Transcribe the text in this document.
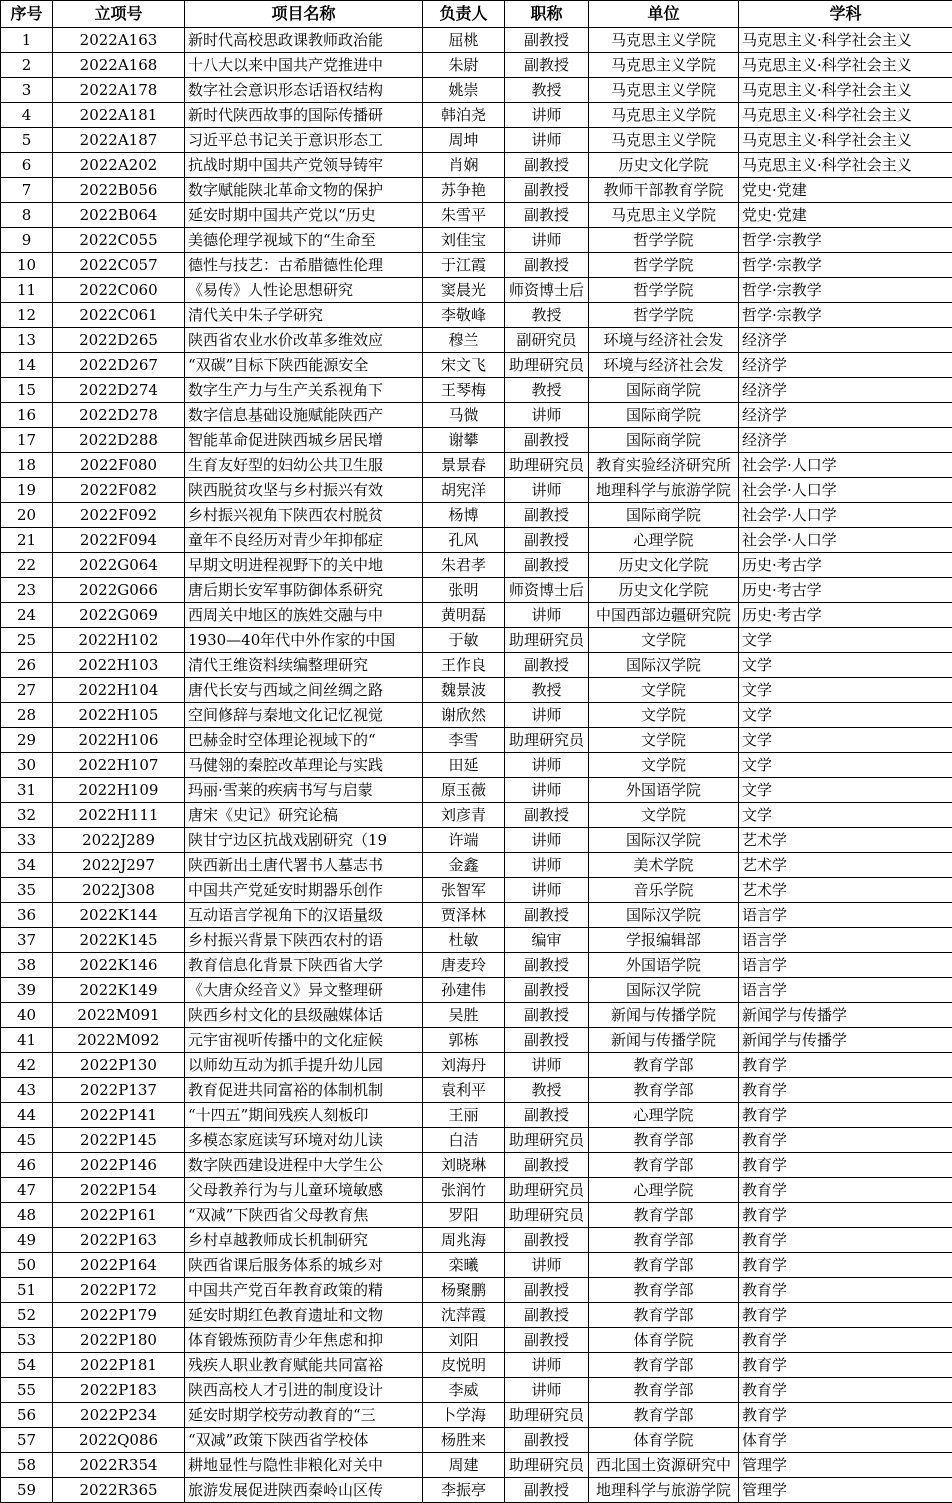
序号	立项号	项目名称	负责人	职称	单位	学科
1	2022A163	新时代高校思政课教师政治能	屈桃	副教授	马克思主义学院	马克思主义·科学社会主义
2	2022A168	十八大以来中国共产党推进中	朱尉	副教授	马克思主义学院	马克思主义·科学社会主义
3	2022A178	数字社会意识形态话语权结构	姚崇	教授	马克思主义学院	马克思主义·科学社会主义
4	2022A181	新时代陕西故事的国际传播研	韩泊尧	讲师	马克思主义学院	马克思主义·科学社会主义
5	2022A187	习近平总书记关于意识形态工	周坤	讲师	马克思主义学院	马克思主义·科学社会主义
6	2022A202	抗战时期中国共产党领导铸牢	肖娴	副教授	历史文化学院	马克思主义·科学社会主义
7	2022B056	数字赋能陕北革命文物的保护	苏争艳	副教授	教师干部教育学院	党史·党建
8	2022B064	延安时期中国共产党以“历史	朱雪平	副教授	马克思主义学院	党史·党建
9	2022C055	美德伦理学视域下的“生命至	刘佳宝	讲师	哲学学院	哲学·宗教学
10	2022C057	德性与技艺：古希腊德性伦理	于江霞	副教授	哲学学院	哲学·宗教学
11	2022C060	《易传》人性论思想研究	窦晨光	师资博士后	哲学学院	哲学·宗教学
12	2022C061	清代关中朱子学研究	李敬峰	教授	哲学学院	哲学·宗教学
13	2022D265	陕西省农业水价改革多维效应	穆兰	副研究员	环境与经济社会发	经济学
14	2022D267	“双碳”目标下陕西能源安全	宋文飞	助理研究员	环境与经济社会发	经济学
15	2022D274	数字生产力与生产关系视角下	王琴梅	教授	国际商学院	经济学
16	2022D278	数字信息基础设施赋能陕西产	马微	讲师	国际商学院	经济学
17	2022D288	智能革命促进陕西城乡居民增	谢攀	副教授	国际商学院	经济学
18	2022F080	生育友好型的妇幼公共卫生服	景景春	助理研究员	教育实验经济研究所	社会学·人口学
19	2022F082	陕西脱贫攻坚与乡村振兴有效	胡宪洋	讲师	地理科学与旅游学院	社会学·人口学
20	2022F092	乡村振兴视角下陕西农村脱贫	杨博	副教授	国际商学院	社会学·人口学
21	2022F094	童年不良经历对青少年抑郁症	孔风	副教授	心理学院	社会学·人口学
22	2022G064	早期文明进程视野下的关中地	朱君孝	副教授	历史文化学院	历史·考古学
23	2022G066	唐后期长安军事防御体系研究	张明	师资博士后	历史文化学院	历史·考古学
24	2022G069	西周关中地区的族姓交融与中	黄明磊	讲师	中国西部边疆研究院	历史·考古学
25	2022H102	1930—40年代中外作家的中国	于敏	助理研究员	文学院	文学
26	2022H103	清代王维资料续编整理研究	王作良	副教授	国际汉学院	文学
27	2022H104	唐代长安与西域之间丝绸之路	魏景波	教授	文学院	文学
28	2022H105	空间修辞与秦地文化记忆视觉	谢欣然	讲师	文学院	文学
29	2022H106	巴赫金时空体理论视域下的“	李雪	助理研究员	文学院	文学
30	2022H107	马健翎的秦腔改革理论与实践	田延	讲师	文学院	文学
31	2022H109	玛丽·雪莱的疾病书写与启蒙	原玉薇	讲师	外国语学院	文学
32	2022H111	唐宋《史记》研究论稿	刘彦青	副教授	文学院	文学
33	2022J289	陕甘宁边区抗战戏剧研究（19	许端	讲师	国际汉学院	艺术学
34	2022J297	陕西新出土唐代署书人墓志书	金鑫	讲师	美术学院	艺术学
35	2022J308	中国共产党延安时期器乐创作	张智军	讲师	音乐学院	艺术学
36	2022K144	互动语言学视角下的汉语量级	贾泽林	副教授	国际汉学院	语言学
37	2022K145	乡村振兴背景下陕西农村的语	杜敏	编审	学报编辑部	语言学
38	2022K146	教育信息化背景下陕西省大学	唐麦玲	副教授	外国语学院	语言学
39	2022K149	《大唐众经音义》异文整理研	孙建伟	副教授	国际汉学院	语言学
40	2022M091	陕西乡村文化的县级融媒体话	吴胜	副教授	新闻与传播学院	新闻学与传播学
41	2022M092	元宇宙视听传播中的文化症候	郭栋	副教授	新闻与传播学院	新闻学与传播学
42	2022P130	以师幼互动为抓手提升幼儿园	刘海丹	讲师	教育学部	教育学
43	2022P137	教育促进共同富裕的体制机制	袁利平	教授	教育学部	教育学
44	2022P141	“十四五”期间残疾人刻板印	王丽	副教授	心理学院	教育学
45	2022P145	多模态家庭读写环境对幼儿读	白洁	助理研究员	教育学部	教育学
46	2022P146	数字陕西建设进程中大学生公	刘晓琳	副教授	教育学部	教育学
47	2022P154	父母教养行为与儿童环境敏感	张润竹	助理研究员	心理学院	教育学
48	2022P161	“双减”下陕西省父母教育焦	罗阳	助理研究员	教育学部	教育学
49	2022P163	乡村卓越教师成长机制研究	周兆海	副教授	教育学部	教育学
50	2022P164	陕西省课后服务体系的城乡对	栾曦	讲师	教育学部	教育学
51	2022P172	中国共产党百年教育政策的精	杨聚鹏	副教授	教育学部	教育学
52	2022P179	延安时期红色教育遗址和文物	沈萍霞	副教授	教育学部	教育学
53	2022P180	体育锻炼预防青少年焦虑和抑	刘阳	副教授	体育学院	教育学
54	2022P181	残疾人职业教育赋能共同富裕	皮悦明	讲师	教育学部	教育学
55	2022P183	陕西高校人才引进的制度设计	李威	讲师	教育学部	教育学
56	2022P234	延安时期学校劳动教育的“三	卜学海	助理研究员	教育学部	教育学
57	2022Q086	“双减”政策下陕西省学校体	杨胜来	副教授	体育学院	体育学
58	2022R354	耕地显性与隐性非粮化对关中	周建	助理研究员	西北国土资源研究中	管理学
59	2022R365	旅游发展促进陕西秦岭山区传	李振亭	副教授	地理科学与旅游学院	管理学
